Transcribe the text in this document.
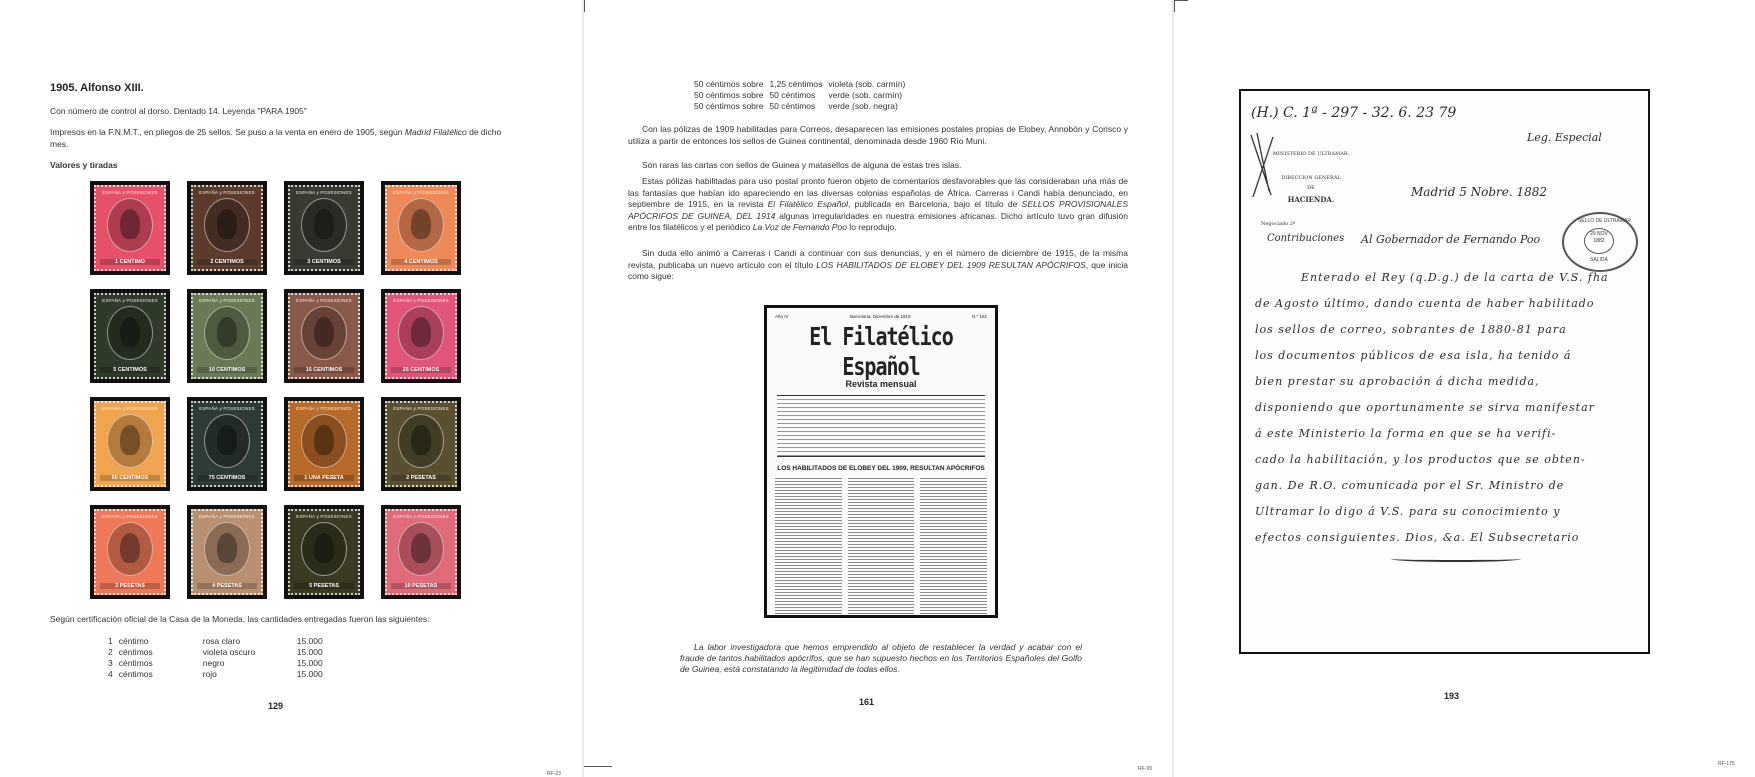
1905. Alfonso XIII.
Con número de control al dorso. Dentado 14. Leyenda "PARA 1905"
Impresos en la F.N.M.T., en pliegos de 25 sellos. Se puso a la venta en enero de 1905, según Madrid Filatélico de dicho mes.
Valores y tiradas
ESPAÑA y POSESIONES
1 CENTIMO
ESPAÑA y POSESIONES
2 CENTIMOS
ESPAÑA y POSESIONES
3 CENTIMOS
ESPAÑA y POSESIONES
4 CENTIMOS
ESPAÑA y POSESIONES
5 CENTIMOS
ESPAÑA y POSESIONES
10 CENTIMOS
ESPAÑA y POSESIONES
15 CENTIMOS
ESPAÑA y POSESIONES
25 CENTIMOS
ESPAÑA y POSESIONES
50 CENTIMOS
ESPAÑA y POSESIONES
75 CENTIMOS
ESPAÑA y POSESIONES
1 UNA PESETA
ESPAÑA y POSESIONES
2 PESETAS
ESPAÑA y POSESIONES
3 PESETAS
ESPAÑA y POSESIONES
4 PESETAS
ESPAÑA y POSESIONES
5 PESETAS
ESPAÑA y POSESIONES
10 PESETAS
Según certificación oficial de la Casa de la Moneda, las cantidades entregadas fueron las siguientes:
1	céntimo	rosa claro	15.000
2	céntimos	violeta oscuro	15.000
3	céntimos	negro	15.000
4	céntimos	rojo	15.000
129
RF-23
50 céntimos sobre	1,25 céntimos	violeta (sob. carmín)
50 céntimos sobre	50 céntimos	verde (sob. carmín)
50 céntimos sobre	50 céntimos	verde (sob. negra)
Con las pólizas de 1909 habilitadas para Correos, desaparecen las emisiones postales propias de Elobey, Annobón y Corisco y utiliza a partir de entonces los sellos de Guinea continental, denominada desde 1960 Río Muni.
Son raras las cartas con sellos de Guinea y matasellos de alguna de estas tres islas.
Estas pólizas habilitadas para uso postal pronto fueron objeto de comentarios desfavorables que las consideraban una más de las fantasías que habían ido apareciendo en las diversas colonias españolas de África. Carreras i Candi había denunciado, en septiembre de 1915, en la revista El Filatélico Español, publicada en Barcelona, bajo el título de SELLOS PROVISIONALES APÓCRIFOS DE GUINEA, DEL 1914 algunas irregularidades en nuestra emisiones africanas. Dicho artículo tuvo gran difusión entre los filatélicos y el periódico La Voz de Fernando Poo lo reprodujo.
Sin duda ello animó a Carreras i Candi a continuar con sus denuncias, y en el número de diciembre de 1915, de la misma revista, publicaba un nuevo artículo con el título LOS HABILITADOS DE ELOBEY DEL 1909 RESULTAN APÓCRIFOS, que inicia como sigue:
Año IV	Barcelona, Diciembre de 1915	N.º 181
El Filatélico Español
Revista mensual
LOS HABILITADOS DE ELOBEY DEL 1909, RESULTAN APÓCRIFOS
La labor investigadora que hemos emprendido al objeto de restablecer la verdad y acabar con el fraude de tantos habilitados apócrifos, que se han supuesto hechos en los Territorios Españoles del Golfo de Guinea, está constatando la ilegitimidad de todas ellos.
161
RF-99
(H.) C. 1ª - 297 - 32. 6. 23 79
Leg. Especial
MINISTERIO DE ULTRAMAR.
DIRECCION GENERAL
DE
HACIENDA.
Negociado 2º
Contribuciones
Madrid 5 Nobre. 1882
Al Gobernador de Fernando Poo
SELLO DE ULTRAMAR
29 NOV 1882
SALIDA
Enterado el Rey (q.D.g.) de la carta de V.S. fha
de Agosto último, dando cuenta de haber habilitado
los sellos de correo, sobrantes de 1880-81 para
los documentos públicos de esa isla, ha tenido á
bien prestar su aprobación á dicha medida,
disponiendo que oportunamente se sirva manifestar
á este Ministerio la forma en que se ha verifi-
cado la habilitación, y los productos que se obten-
gan. De R.O. comunicada por el Sr. Ministro de
Ultramar lo digo á V.S. para su conocimiento y
efectos consiguientes. Dios, &a. El Subsecretario
193
RF-175
